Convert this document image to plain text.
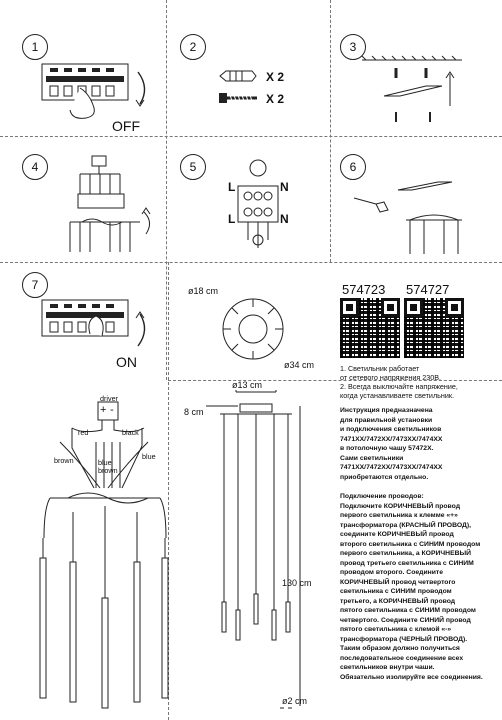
1
OFF
2
X 2
X 2
3
4	5
L	N
L	N
6
7
ON
ø18 cm
ø34 cm
574723 574727
1. Светильник работает
от сетевого напряжения 230В.
2. Всегда выключайте напряжение,
когда устанавливаете светильник.
driver
+ -
red	black
brown	blue
blue
brown
ø13 cm
8 cm
130 cm
ø2 cm
Инструкция предназначена
для правильной установки
и подключения светильников
7471XX/7472XX/7473XX/7474XX
в потолочную чашу 57472X.
Сами светильники
7471XX/7472XX/7473XX/7474XX
приобретаются отдельно.
Подключение проводов:
Подключите КОРИЧНЕВЫЙ провод
первого светильника к клемме «+»
трансформатора (КРАСНЫЙ ПРОВОД),
соедините КОРИЧНЕВЫЙ провод
второго светильника с СИНИМ проводом
первого светильника, а КОРИЧНЕВЫЙ
провод третьего светильника с СИНИМ
проводом второго. Соедините
КОРИЧНЕВЫЙ провод четвертого
светильника с СИНИМ проводом
третьего, а КОРИЧНЕВЫЙ провод
пятого светильника с СИНИМ проводом
четвертого. Соедините СИНИЙ провод
пятого светильника с клемой «-»
трансформатора (ЧЕРНЫЙ ПРОВОД).
Таким образом должно получиться
последовательное соединение всех
светильников внутри чаши.
Обязательно изолируйте все соединения.
